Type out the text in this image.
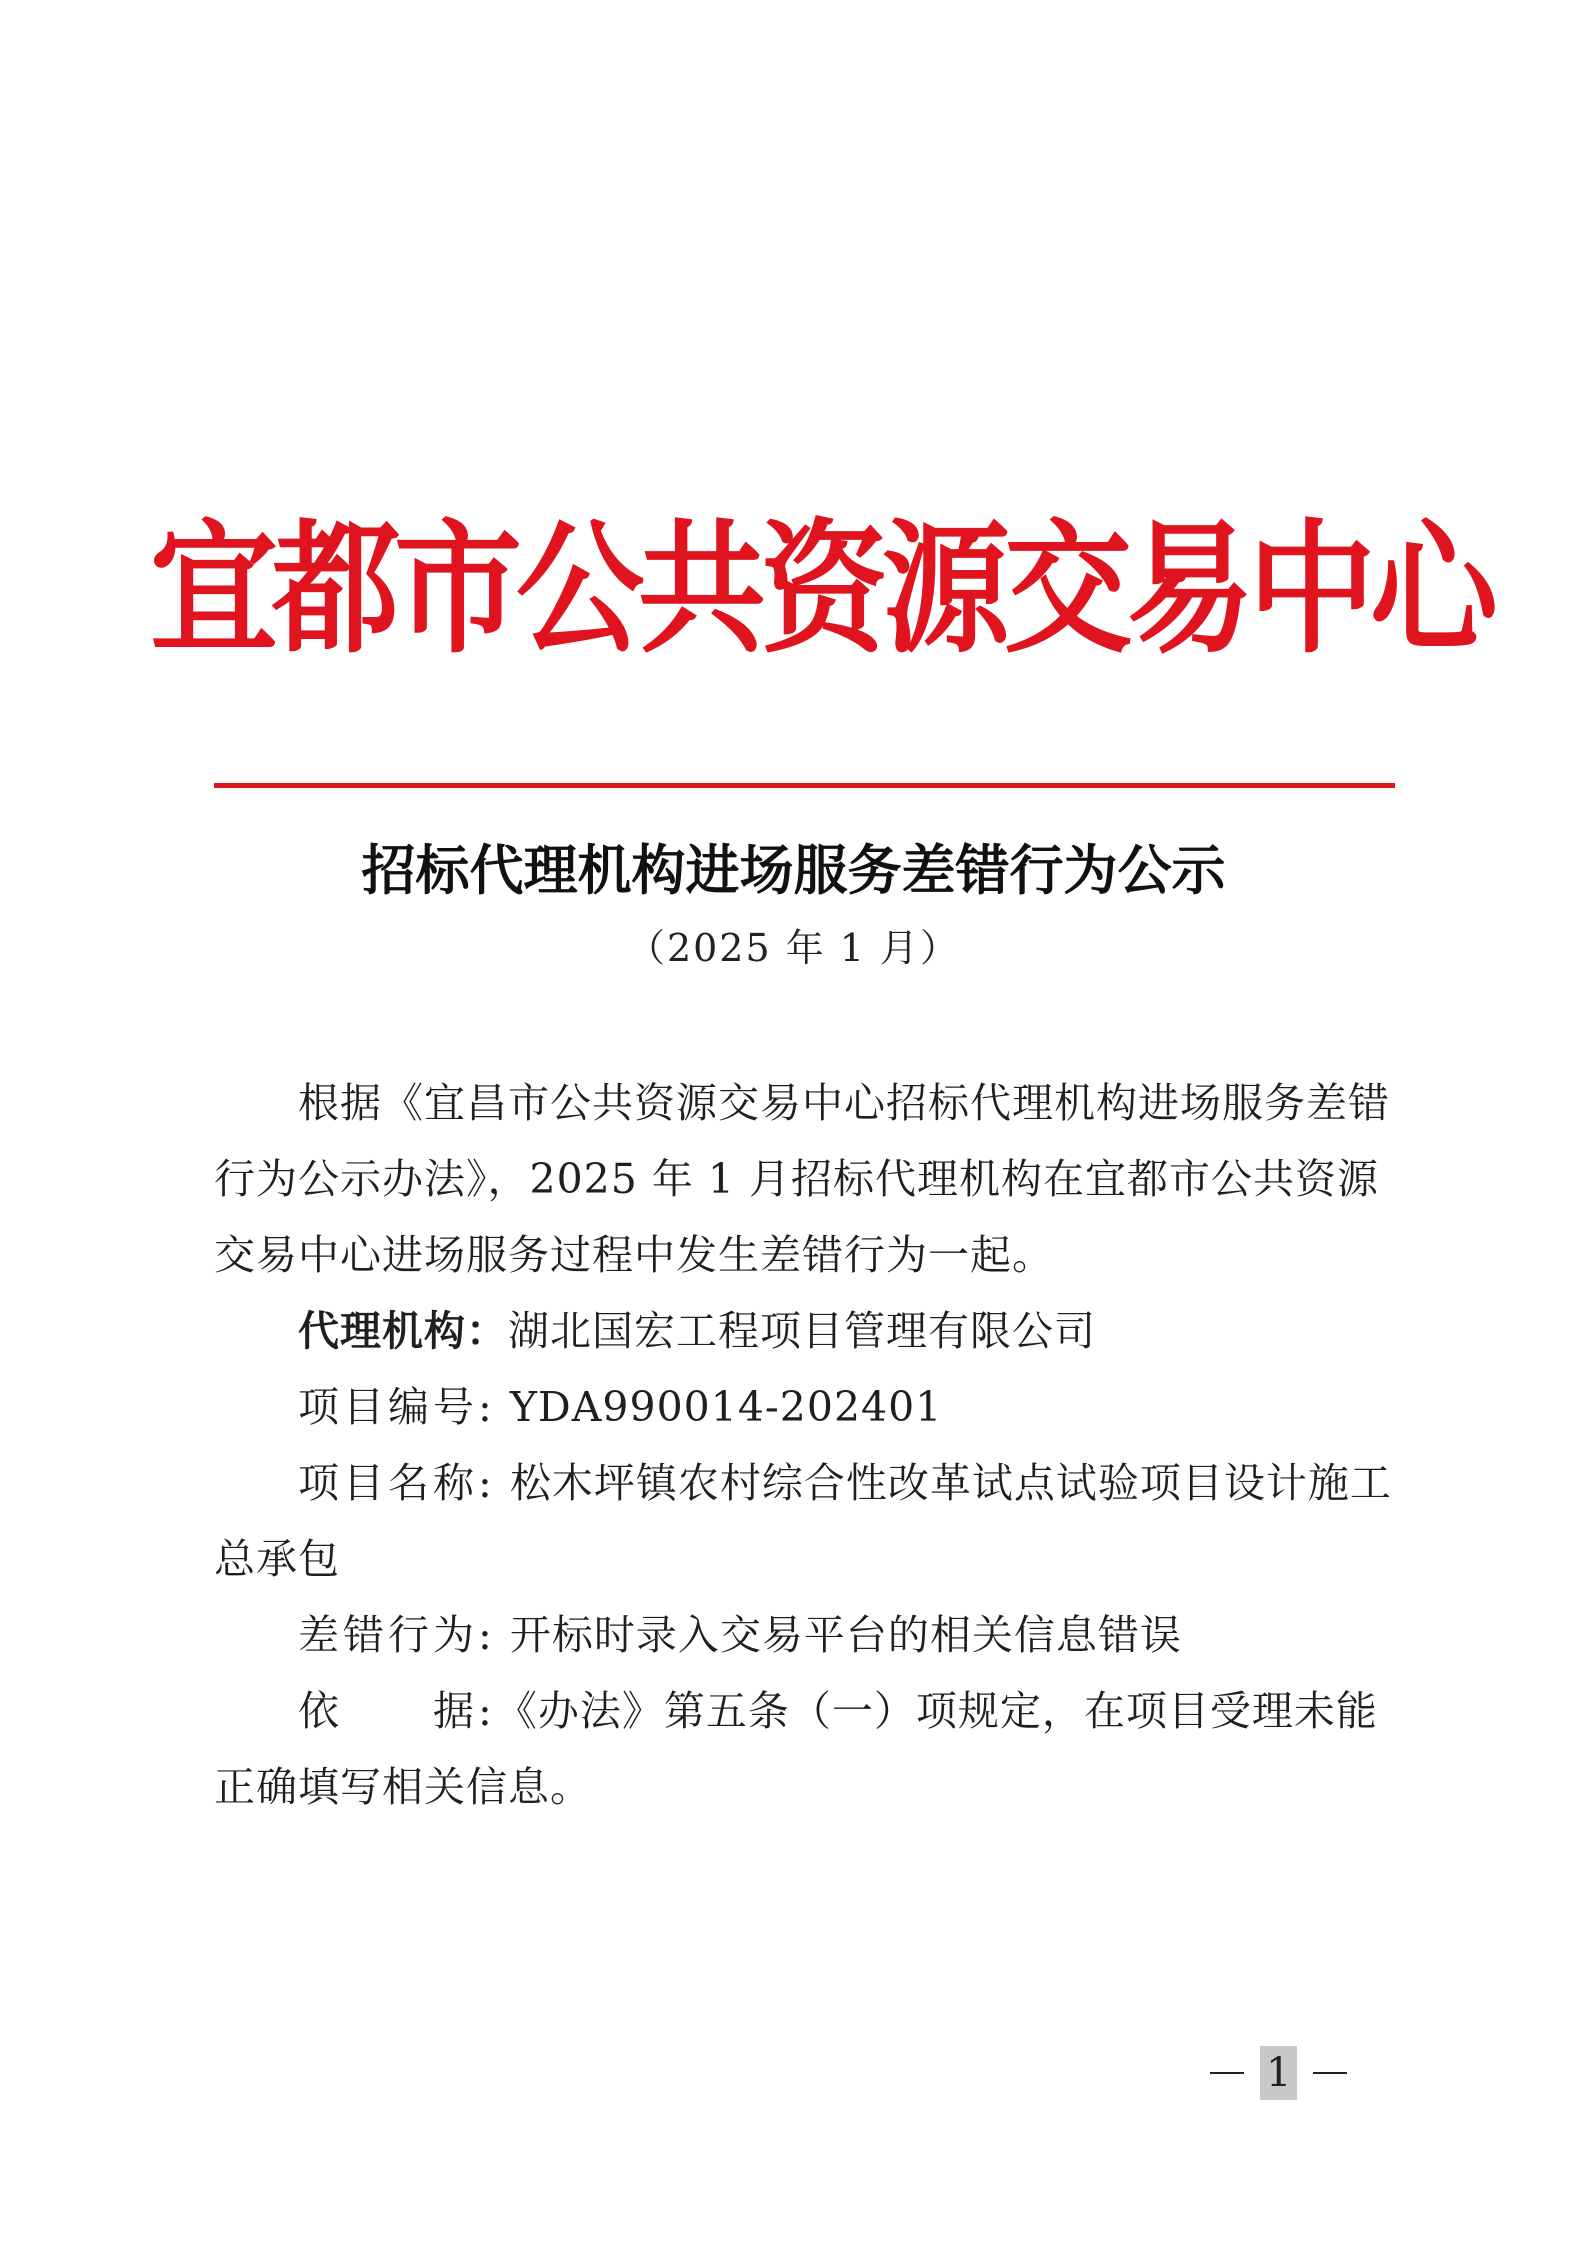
宜都市公共资源交易中心
招标代理机构进场服务差错行为公示
（2025 年 1 月）
根据《宜昌市公共资源交易中心招标代理机构进场服务差错行为公示办法》，2025 年 1 月招标代理机构在宜都市公共资源交易中心进场服务过程中发生差错行为一起。
代理机构：湖北国宏工程项目管理有限公司
项目编号: YDA990014-202401
项目名称: 松木坪镇农村综合性改革试点试验项目设计施工总承包
差错行为: 开标时录入交易平台的相关信息错误
依　　据:《办法》第五条（一）项规定，在项目受理未能正确填写相关信息。
1
